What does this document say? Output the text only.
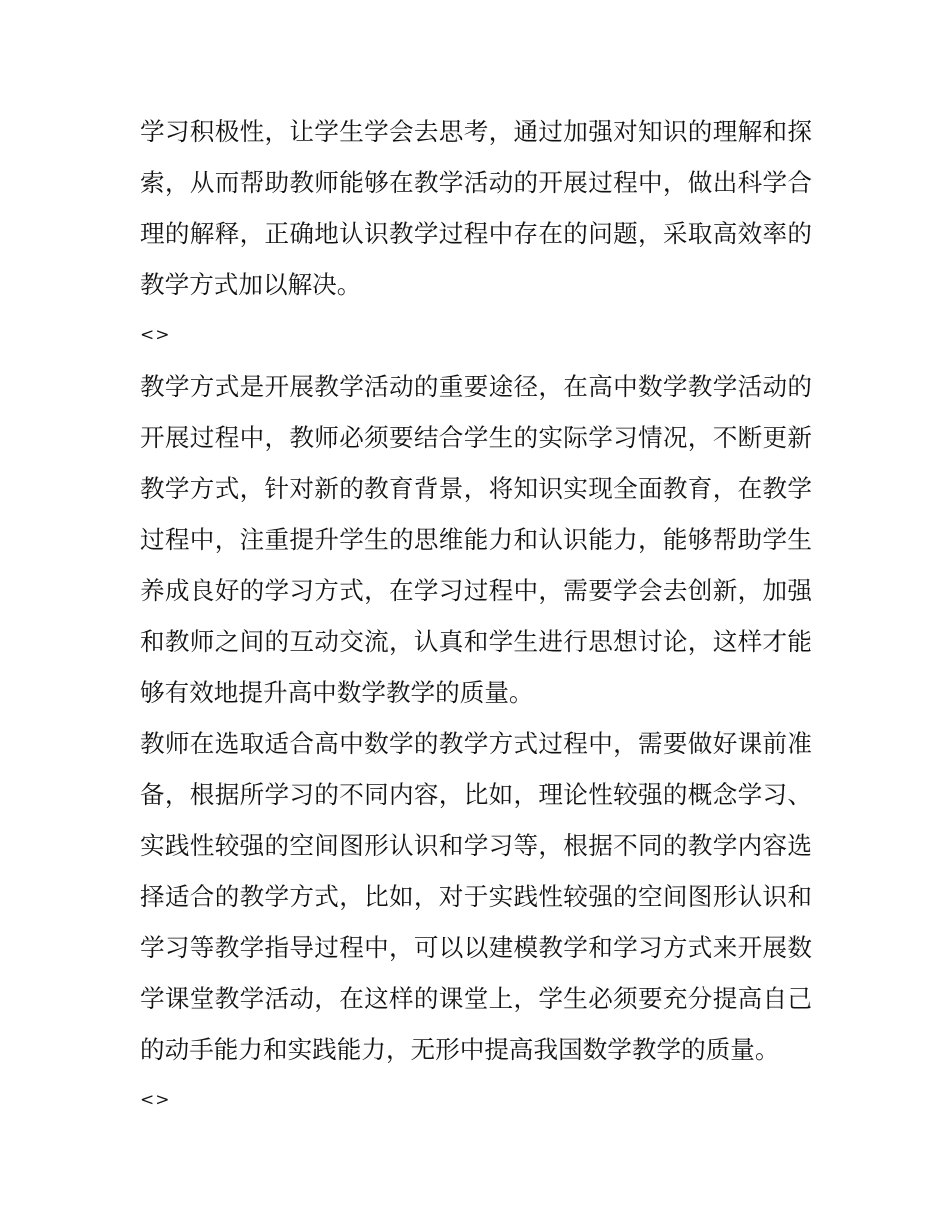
学习积极性，让学生学会去思考，通过加强对知识的理解和探索，从而帮助教师能够在教学活动的开展过程中，做出科学合理的解释，正确地认识教学过程中存在的问题，采取高效率的教学方式加以解决。

<>

教学方式是开展教学活动的重要途径，在高中数学教学活动的开展过程中，教师必须要结合学生的实际学习情况，不断更新教学方式，针对新的教育背景，将知识实现全面教育，在教学过程中，注重提升学生的思维能力和认识能力，能够帮助学生养成良好的学习方式，在学习过程中，需要学会去创新，加强和教师之间的互动交流，认真和学生进行思想讨论，这样才能够有效地提升高中数学教学的质量。

教师在选取适合高中数学的教学方式过程中，需要做好课前准备，根据所学习的不同内容，比如，理论性较强的概念学习、实践性较强的空间图形认识和学习等，根据不同的教学内容选择适合的教学方式，比如，对于实践性较强的空间图形认识和学习等教学指导过程中，可以以建模教学和学习方式来开展数学课堂教学活动，在这样的课堂上，学生必须要充分提高自己的动手能力和实践能力，无形中提高我国数学教学的质量。

<>
